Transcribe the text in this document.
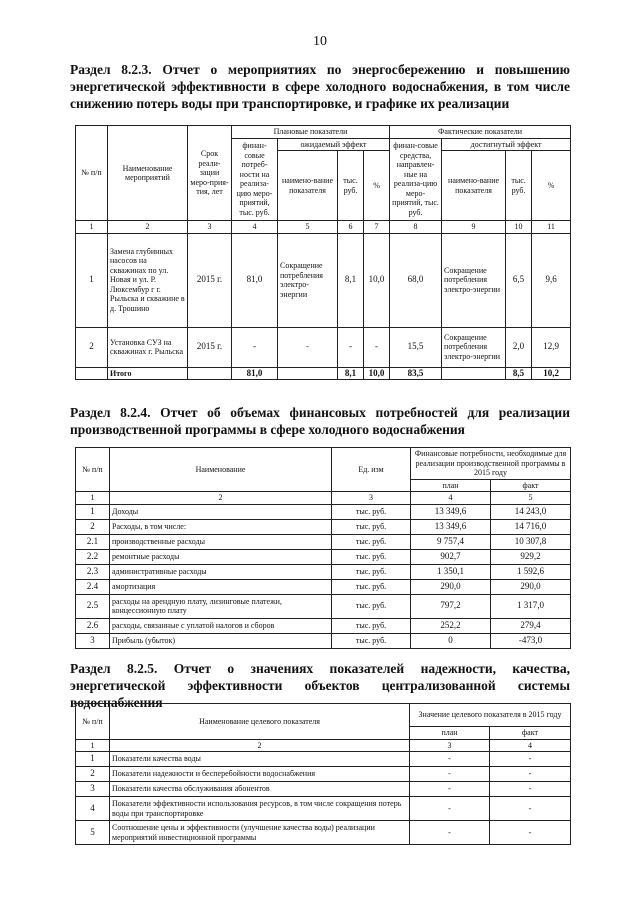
10
Раздел 8.2.3. Отчет о мероприятиях по энергосбережению и повышению энергетической эффективности в сфере холодного водоснабжения, в том числе снижению потерь воды при транспортировке, и графике их реализации
№ п/п	Наименование мероприятий	Срок реали-зации меро-прия-тия, лет	Плановые показатели				Фактические показатели			
			финан-совые потреб-ности на реализа-цию меро-приятий, тыс. руб.	ожидаемый эффект			финан-совые средства, направлен-ные на реализа-цию меро-приятий, тыс. руб.	достигнутый эффект		
				наимено-вание показателя	тыс. руб.	%		наимено-вание показателя	тыс. руб.	%
1	2	3	4	5	6	7	8	9	10	11
1	Замена глубинных насосов на скважинах по ул. Новая и ул. Р. Люксембур г г. Рыльска и скважине в д. Трошино	2015 г.	81,0	Сокращение потребления электро-энергии	8,1	10,0	68,0	Сокращение потребления электро-энергии	6,5	9,6
2	Установка СУЗ на скважинах г. Рыльска	2015 г.	-	-	-	-	15,5	Сокращение потребления электро-энергии	2,0	12,9
	Итого		81,0		8,1	10,0	83,5		8,5	10,2
Раздел 8.2.4. Отчет об объемах финансовых потребностей для реализации производственной программы в сфере холодного водоснабжения
№ п/п	Наименование	Ед. изм	Финансовые потребности, необходимые для реализации производственной программы в 2015 году	
			план	факт
1	2	3	4	5
1	Доходы	тыс. руб.	13 349,6	14 243,0
2	Расходы, в том числе:	тыс. руб.	13 349,6	14 716,0
2.1	производственные расходы	тыс. руб.	9 757,4	10 307,8
2.2	ремонтные расходы	тыс. руб.	902,7	929,2
2.3	административные расходы	тыс. руб.	1 350,1	1 592,6
2.4	амортизация	тыс. руб.	290,0	290,0
2.5	расходы на арендную плату, лизинговые платежи, концессионную плату	тыс. руб.	797,2	1 317,0
2.6	расходы, связанные с уплатой налогов и сборов	тыс. руб.	252,2	279,4
3	Прибыль (убыток)	тыс. руб.	0	-473,0
Раздел 8.2.5. Отчет о значениях показателей надежности, качества, энергетической эффективности объектов централизованной системы водоснабжения
№ п/п	Наименование целевого показателя	Значение целевого показателя в 2015 году	
		план	факт
1	2	3	4
1	Показатели качества воды	-	-
2	Показатели надежности и бесперебойности водоснабжения	-	-
3	Показатели качества обслуживания абонентов	-	-
4	Показатели эффективности использования ресурсов, в том числе сокращения потерь воды при транспортировке	-	-
5	Соотношение цены и эффективности (улучшение качества воды) реализации мероприятий инвестиционной программы	-	-
